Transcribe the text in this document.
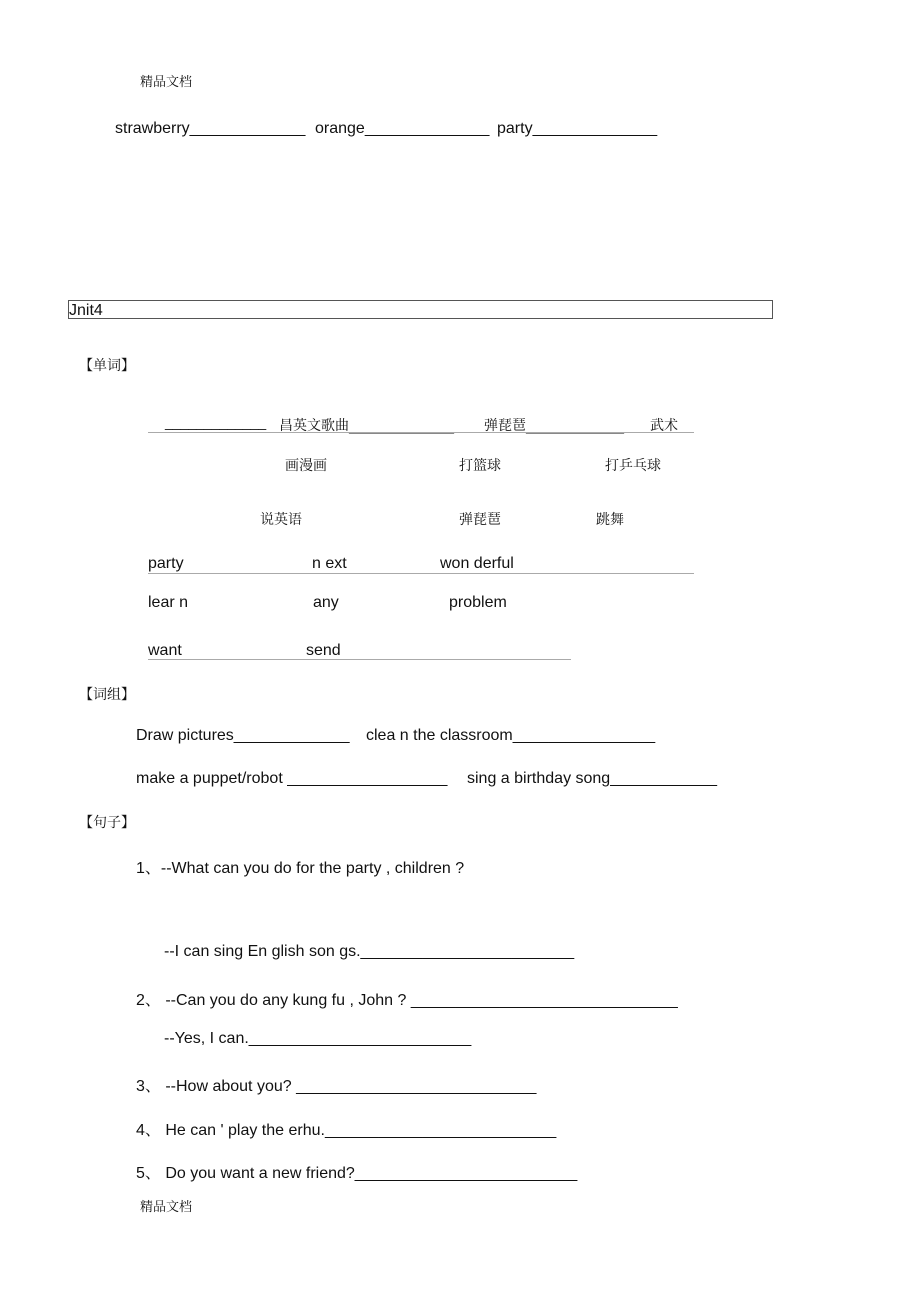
精品文档
strawberry_____________ orange______________ party______________
Jnit4
【单词】
_____________ 昌英文歌曲_______________ 弹琵琶______________ 武术
画漫画	打篮球	打乒乓球
说英语	弹琵琶	跳舞
party	n ext	won derful
lear n	any	problem
want	send
【词组】
Draw pictures_____________ clea n the classroom________________
make a puppet/robot __________________ sing a birthday song____________
【句子】
1、--What can you do for the party , children ?
--I can sing En glish son gs.________________________
2、 --Can you do any kung fu , John ? ______________________________
--Yes, I can._________________________
3、 --How about you? ___________________________
4、 He can ' play the erhu.__________________________
5、 Do you want a new friend?_________________________
精品文档
